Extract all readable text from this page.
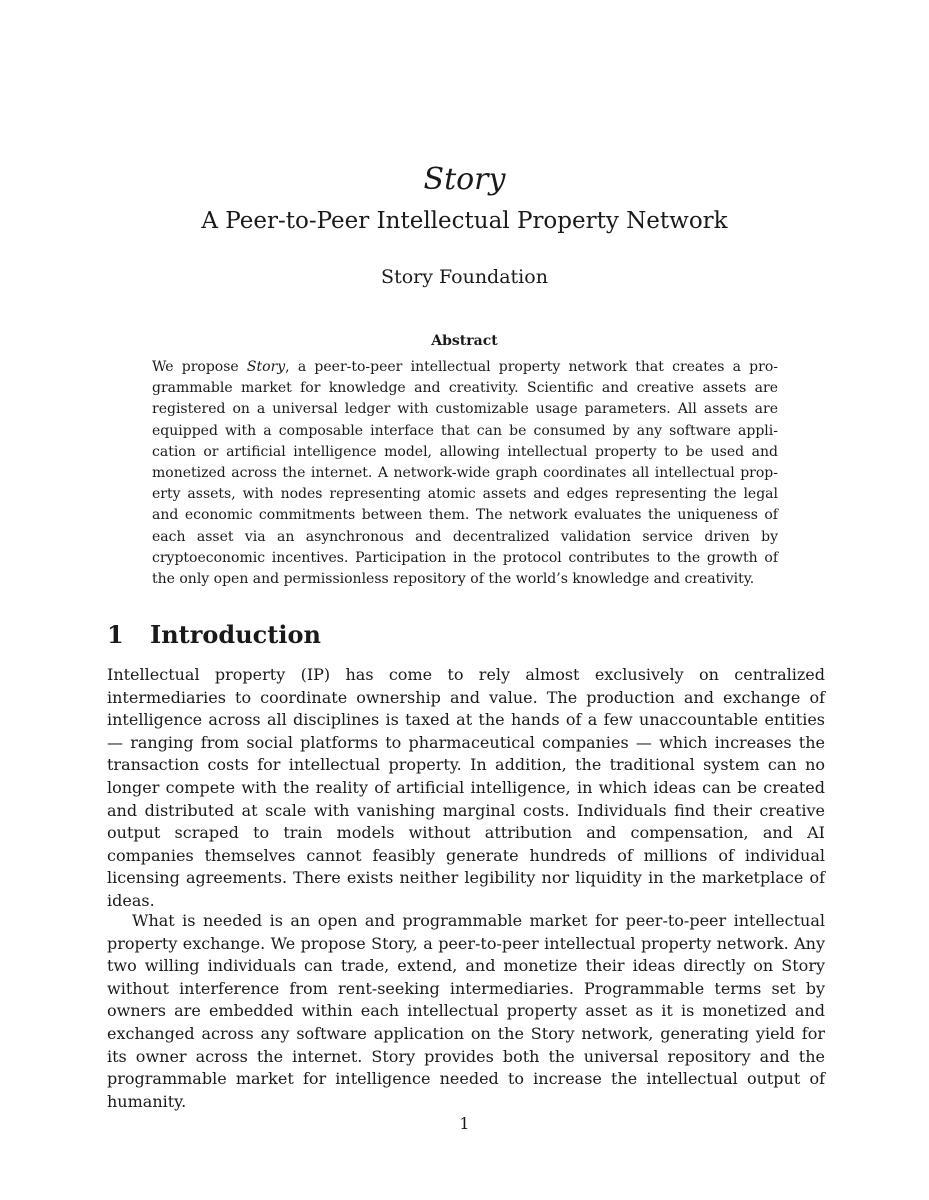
Story
A Peer-to-Peer Intellectual Property Network
Story Foundation
Abstract
We propose Story, a peer-to-peer intellectual property network that creates a programmable market for knowledge and creativity. Scientific and creative assets are registered on a universal ledger with customizable usage parameters. All assets are equipped with a composable interface that can be consumed by any software application or artificial intelligence model, allowing intellectual property to be used and monetized across the internet. A network-wide graph coordinates all intellectual property assets, with nodes representing atomic assets and edges representing the legal and economic commitments between them. The network evaluates the uniqueness of each asset via an asynchronous and decentralized validation service driven by cryptoeconomic incentives. Participation in the protocol contributes to the growth of the only open and permissionless repository of the world’s knowledge and creativity.
1 Introduction

Intellectual property (IP) has come to rely almost exclusively on centralized intermediaries to coordinate ownership and value. The production and exchange of intelligence across all disciplines is taxed at the hands of a few unaccountable entities — ranging from social platforms to pharmaceutical companies — which increases the transaction costs for intellectual property. In addition, the traditional system can no longer compete with the reality of artificial intelligence, in which ideas can be created and distributed at scale with vanishing marginal costs. Individuals find their creative output scraped to train models without attribution and compensation, and AI companies themselves cannot feasibly generate hundreds of millions of individual licensing agreements. There exists neither legibility nor liquidity in the marketplace of ideas.

What is needed is an open and programmable market for peer-to-peer intellectual property exchange. We propose Story, a peer-to-peer intellectual property network. Any two willing individuals can trade, extend, and monetize their ideas directly on Story without interference from rent-seeking intermediaries. Programmable terms set by owners are embedded within each intellectual property asset as it is monetized and exchanged across any software application on the Story network, generating yield for its owner across the internet. Story provides both the universal repository and the programmable market for intelligence needed to increase the intellectual output of humanity.

1
